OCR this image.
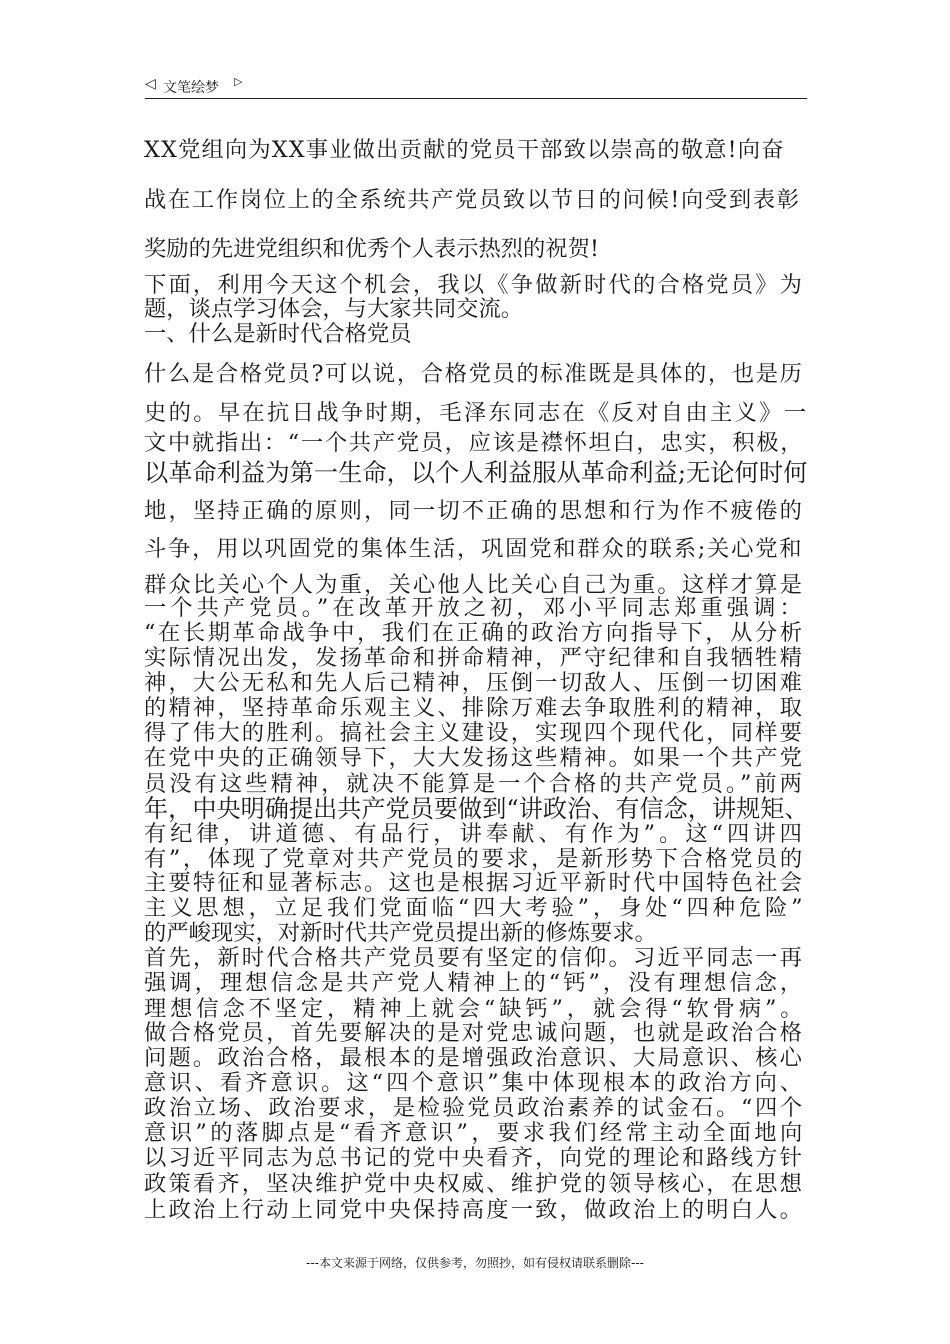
◁ 文笔绘梦 ▷
XX党组向为XX事业做出贡献的党员干部致以崇高的敬意!向奋
战在工作岗位上的全系统共产党员致以节日的问候!向受到表彰
奖励的先进党组织和优秀个人表示热烈的祝贺!
下面，利用今天这个机会，我以《争做新时代的合格党员》为
题，谈点学习体会，与大家共同交流。
一、什么是新时代合格党员
什么是合格党员?可以说，合格党员的标准既是具体的，也是历
史的。早在抗日战争时期，毛泽东同志在《反对自由主义》一
文中就指出：“一个共产党员，应该是襟怀坦白，忠实，积极，
以革命利益为第一生命，以个人利益服从革命利益;无论何时何
地，坚持正确的原则，同一切不正确的思想和行为作不疲倦的
斗争，用以巩固党的集体生活，巩固党和群众的联系;关心党和
群众比关心个人为重，关心他人比关心自己为重。这样才算是
一个共产党员。”在改革开放之初，邓小平同志郑重强调：
“在长期革命战争中，我们在正确的政治方向指导下，从分析
实际情况出发，发扬革命和拼命精神，严守纪律和自我牺牲精
神，大公无私和先人后己精神，压倒一切敌人、压倒一切困难
的精神，坚持革命乐观主义、排除万难去争取胜利的精神，取
得了伟大的胜利。搞社会主义建设，实现四个现代化，同样要
在党中央的正确领导下，大大发扬这些精神。如果一个共产党
员没有这些精神，就决不能算是一个合格的共产党员。”前两
年，中央明确提出共产党员要做到“讲政治、有信念，讲规矩、
有纪律，讲道德、有品行，讲奉献、有作为”。这“四讲四
有”，体现了党章对共产党员的要求，是新形势下合格党员的
主要特征和显著标志。这也是根据习近平新时代中国特色社会
主义思想，立足我们党面临“四大考验”，身处“四种危险”
的严峻现实，对新时代共产党员提出新的修炼要求。
首先，新时代合格共产党员要有坚定的信仰。习近平同志一再
强调，理想信念是共产党人精神上的“钙”，没有理想信念，
理想信念不坚定，精神上就会“缺钙”，就会得“软骨病”。
做合格党员，首先要解决的是对党忠诚问题，也就是政治合格
问题。政治合格，最根本的是增强政治意识、大局意识、核心
意识、看齐意识。这“四个意识”集中体现根本的政治方向、
政治立场、政治要求，是检验党员政治素养的试金石。“四个
意识”的落脚点是“看齐意识”，要求我们经常主动全面地向
以习近平同志为总书记的党中央看齐，向党的理论和路线方针
政策看齐，坚决维护党中央权威、维护党的领导核心，在思想
上政治上行动上同党中央保持高度一致，做政治上的明白人。
---本文来源于网络，仅供参考，勿照抄，如有侵权请联系删除---
